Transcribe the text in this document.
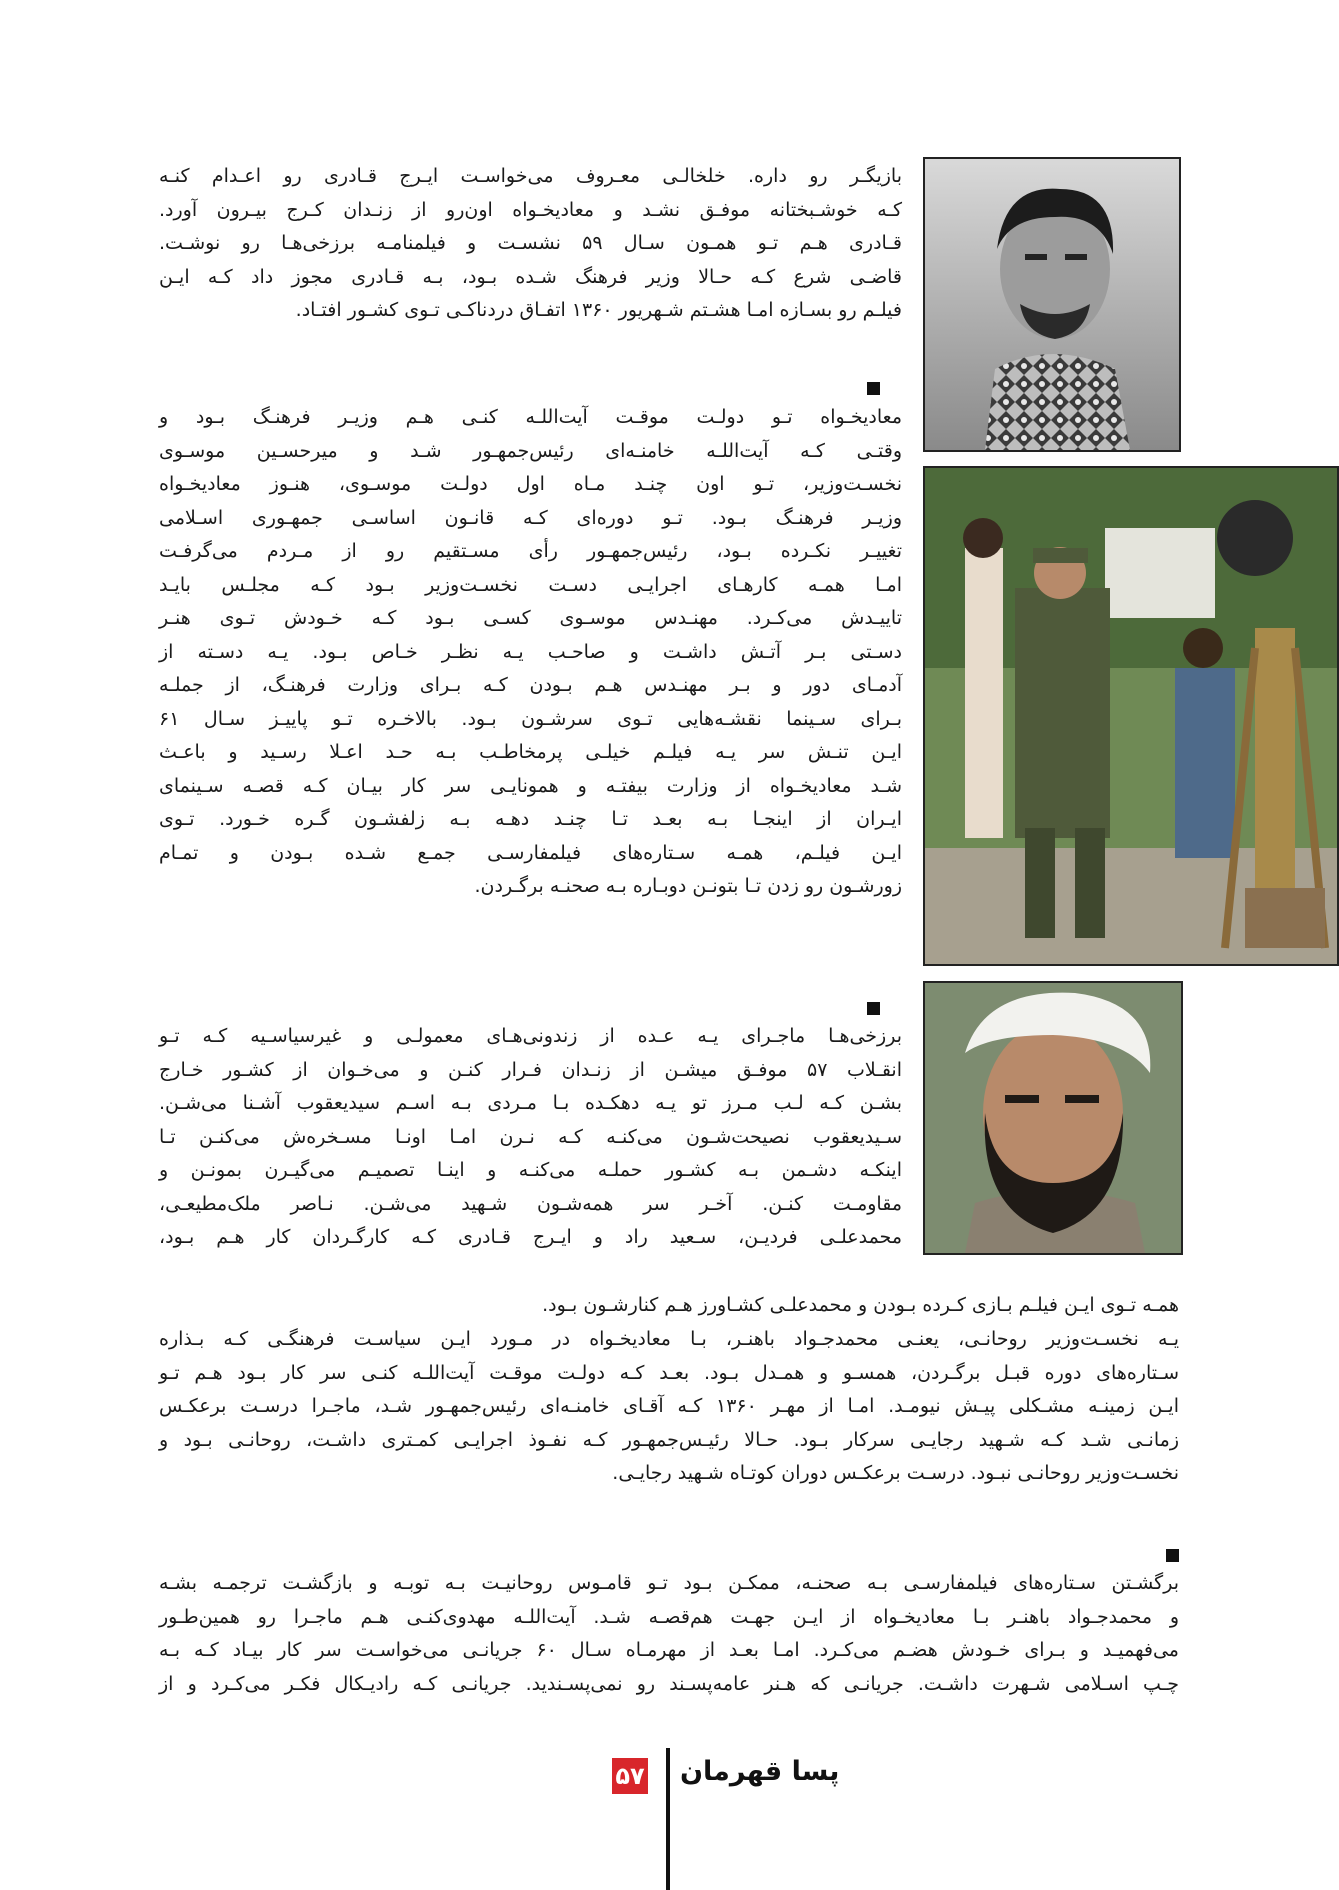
بازیگـر رو داره. خلخالـی معـروف می‌خواسـت ایـرج قـادری رو اعـدام کنـه
کـه خوشـبختانه موفـق نشـد و معادیخـواه اون‌رو از زنـدان کـرج بیـرون آورد.
قـادری هـم تـو همـون سـال ۵۹ نشسـت و فیلمنامـه برزخی‌هـا رو نوشـت.
قاضـی شرع کـه حـالا وزیر فرهنگ شـده بـود، بـه قـادری مجوز داد کـه ایـن
فیلـم رو بسـازه امـا هشـتم شـهریور ۱۳۶۰ اتفـاق دردناکـی تـوی کشـور افتـاد.
معادیخـواه تـو دولـت موقـت آیت‌اللـه کنـی هـم وزیـر فرهنـگ بـود و
وقتـی کـه آیت‌اللـه خامنـه‌ای رئیس‌جمهـور شـد و میرحسـین موسـوی
نخسـت‌وزیر، تـو اون چنـد مـاه اول دولـت موسـوی، هنـوز معادیخـواه
وزیـر فرهنـگ بـود. تـو دوره‌ای کـه قانـون اساسـی جمهـوری اسـلامی
تغییـر نکـرده بـود، رئیس‌جمهـور رأی مسـتقیم رو از مـردم می‌گرفـت
امـا همـه کارهـای اجرایـی دسـت نخسـت‌وزیر بـود کـه مجلـس بایـد
تاییـدش می‌کـرد. مهنـدس موسـوی کسـی بـود کـه خـودش تـوی هنـر
دسـتی بـر آتـش داشـت و صاحـب یـه نظـر خـاص بـود. یـه دسـته از
آدمـای دور و بـر مهنـدس هـم بـودن کـه بـرای وزارت فرهنـگ، از جملـه
بـرای سـینما نقشـه‌هایی تـوی سرشـون بـود. بالاخـره تـو پاییـز سـال ۶۱
ایـن تنـش سر یـه فیلـم خیلـی پرمخاطـب بـه حـد اعـلا رسـید و باعـث
شـد معادیخـواه از وزارت بیفتـه و همونایـی سر کار بیـان کـه قصـه سـینمای
ایـران از اینجـا بـه بعـد تـا چنـد دهـه بـه زلفشـون گـره خـورد. تـوی
ایـن فیلـم، همـه سـتاره‌های فیلمفارسـی جمـع شـده بـودن و تمـام
زورشـون رو زدن تـا بتونـن دوبـاره بـه صحنـه برگـردن.
برزخی‌هـا ماجـرای یـه عـده از زندونی‌هـای معمولـی و غیرسیاسـیه کـه تـو
انقـلاب ۵۷ موفـق میشـن از زنـدان فـرار کنـن و می‌خـوان از کشـور خـارج
بشـن کـه لـب مـرز تو یـه دهکـده بـا مـردی بـه اسـم سیدیعقوب آشـنا می‌شـن.
سـیدیعقوب نصیحت‌شـون می‌کنـه کـه نـرن امـا اونـا مسـخره‌ش می‌کنـن تـا
اینکـه دشـمن بـه کشـور حملـه می‌کنـه و اینـا تصمیـم می‌گیـرن بمونـن و
مقاومـت کنـن. آخـر سر همه‌شـون شـهید می‌شـن. نـاصر ملک‌مطیعـی،
محمدعلـی فردیـن، سـعید راد و ایـرج قـادری کـه کارگـردان کار هـم بـود،
همـه تـوی ایـن فیلـم بـازی کـرده بـودن و محمدعلـی کشـاورز هـم کنارشـون بـود.
یـه نخسـت‌وزیر روحانـی، یعنـی محمدجـواد باهنـر، بـا معادیخـواه در مـورد ایـن سیاسـت فرهنگـی کـه بـذاره
سـتاره‌های دوره قبـل برگـردن، همسـو و همـدل بـود. بعـد کـه دولـت موقـت آیت‌اللـه کنـی سر کار بـود هـم تـو
ایـن زمینـه مشـکلی پیـش نیومـد. امـا از مهـر ۱۳۶۰ کـه آقـای خامنـه‌ای رئیس‌جمهـور شـد، ماجـرا درسـت برعکـس
زمانـی شـد کـه شـهید رجایـی سرکار بـود. حـالا رئیـس‌جمهـور کـه نفـوذ اجرایـی کمـتری داشـت، روحانـی بـود و
نخسـت‌وزیر روحانـی نبـود. درسـت برعکـس دوران کوتـاه شـهید رجایـی.
برگشـتن سـتاره‌های فیلمفارسـی بـه صحنـه، ممکـن بـود تـو قامـوس روحانیـت بـه توبـه و بازگشـت ترجمـه بشـه
و محمدجـواد باهنـر بـا معادیخـواه از ایـن جهـت هم‌قصـه شـد. آیت‌اللـه مهدوی‌کنـی هـم ماجـرا رو همین‌طـور
می‌فهمیـد و بـرای خـودش هضـم می‌کـرد. امـا بعـد از مهرمـاه سـال ۶۰ جریانـی می‌خواسـت سر کار بیـاد کـه بـه
چـپ اسـلامی شـهرت داشـت. جریانـی که هـنر عامه‌پسـند رو نمی‌پسـندید. جریانـی کـه رادیـکال فکـر می‌کـرد و از
۵۷ پسا قهرمان
